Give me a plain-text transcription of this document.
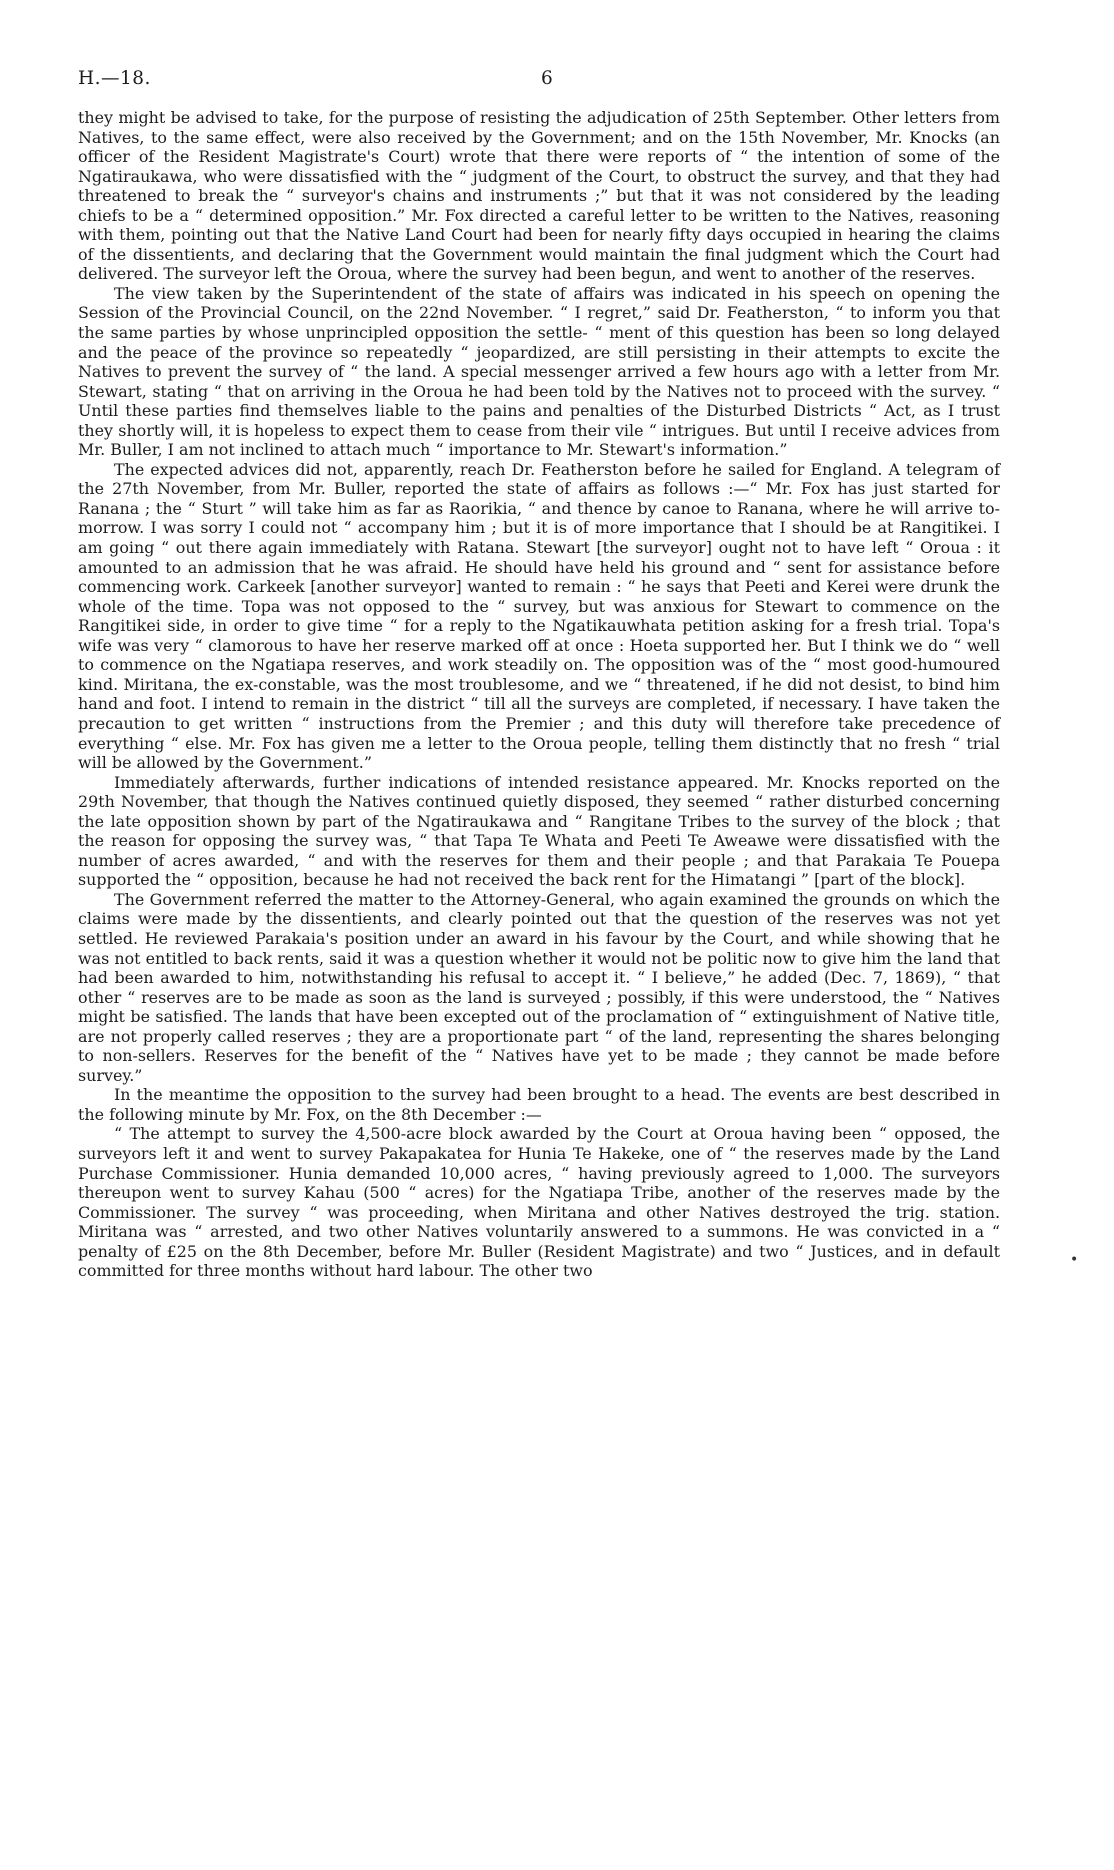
H.—18.	6

they might be advised to take, for the purpose of resisting the adjudication of 25th September. Other letters from Natives, to the same effect, were also received by the Government; and on the 15th November, Mr. Knocks (an officer of the Resident Magistrate's Court) wrote that there were reports of “ the intention of some of the Ngatiraukawa, who were dissatisfied with the “ judgment of the Court, to obstruct the survey, and that they had threatened to break the “ surveyor's chains and instruments ;” but that it was not considered by the leading chiefs to be a “ determined opposition.” Mr. Fox directed a careful letter to be written to the Natives, reasoning with them, pointing out that the Native Land Court had been for nearly fifty days occupied in hearing the claims of the dissentients, and declaring that the Government would maintain the final judgment which the Court had delivered. The surveyor left the Oroua, where the survey had been begun, and went to another of the reserves.

The view taken by the Superintendent of the state of affairs was indicated in his speech on opening the Session of the Provincial Council, on the 22nd November. “ I regret,” said Dr. Featherston, “ to inform you that the same parties by whose unprincipled opposition the settle- “ ment of this question has been so long delayed and the peace of the province so repeatedly “ jeopardized, are still persisting in their attempts to excite the Natives to prevent the survey of “ the land. A special messenger arrived a few hours ago with a letter from Mr. Stewart, stating “ that on arriving in the Oroua he had been told by the Natives not to proceed with the survey. “ Until these parties find themselves liable to the pains and penalties of the Disturbed Districts “ Act, as I trust they shortly will, it is hopeless to expect them to cease from their vile “ intrigues. But until I receive advices from Mr. Buller, I am not inclined to attach much “ importance to Mr. Stewart's information.”

The expected advices did not, apparently, reach Dr. Featherston before he sailed for England. A telegram of the 27th November, from Mr. Buller, reported the state of affairs as follows :—“ Mr. Fox has just started for Ranana ; the “ Sturt ” will take him as far as Raorikia, “ and thence by canoe to Ranana, where he will arrive to-morrow. I was sorry I could not “ accompany him ; but it is of more importance that I should be at Rangitikei. I am going “ out there again immediately with Ratana. Stewart [the surveyor] ought not to have left “ Oroua : it amounted to an admission that he was afraid. He should have held his ground and “ sent for assistance before commencing work. Carkeek [another surveyor] wanted to remain : “ he says that Peeti and Kerei were drunk the whole of the time. Topa was not opposed to the “ survey, but was anxious for Stewart to commence on the Rangitikei side, in order to give time “ for a reply to the Ngatikauwhata petition asking for a fresh trial. Topa's wife was very “ clamorous to have her reserve marked off at once : Hoeta supported her. But I think we do “ well to commence on the Ngatiapa reserves, and work steadily on. The opposition was of the “ most good-humoured kind. Miritana, the ex-constable, was the most troublesome, and we “ threatened, if he did not desist, to bind him hand and foot. I intend to remain in the district “ till all the surveys are completed, if necessary. I have taken the precaution to get written “ instructions from the Premier ; and this duty will therefore take precedence of everything “ else. Mr. Fox has given me a letter to the Oroua people, telling them distinctly that no fresh “ trial will be allowed by the Government.”

Immediately afterwards, further indications of intended resistance appeared. Mr. Knocks reported on the 29th November, that though the Natives continued quietly disposed, they seemed “ rather disturbed concerning the late opposition shown by part of the Ngatiraukawa and “ Rangitane Tribes to the survey of the block ; that the reason for opposing the survey was, “ that Tapa Te Whata and Peeti Te Aweawe were dissatisfied with the number of acres awarded, “ and with the reserves for them and their people ; and that Parakaia Te Pouepa supported the “ opposition, because he had not received the back rent for the Himatangi ” [part of the block].

The Government referred the matter to the Attorney-General, who again examined the grounds on which the claims were made by the dissentients, and clearly pointed out that the question of the reserves was not yet settled. He reviewed Parakaia's position under an award in his favour by the Court, and while showing that he was not entitled to back rents, said it was a question whether it would not be politic now to give him the land that had been awarded to him, notwithstanding his refusal to accept it. “ I believe,” he added (Dec. 7, 1869), “ that other “ reserves are to be made as soon as the land is surveyed ; possibly, if this were understood, the “ Natives might be satisfied. The lands that have been excepted out of the proclamation of “ extinguishment of Native title, are not properly called reserves ; they are a proportionate part “ of the land, representing the shares belonging to non-sellers. Reserves for the benefit of the “ Natives have yet to be made ; they cannot be made before survey.”

In the meantime the opposition to the survey had been brought to a head. The events are best described in the following minute by Mr. Fox, on the 8th December :—

“ The attempt to survey the 4,500-acre block awarded by the Court at Oroua having been “ opposed, the surveyors left it and went to survey Pakapakatea for Hunia Te Hakeke, one of “ the reserves made by the Land Purchase Commissioner. Hunia demanded 10,000 acres, “ having previously agreed to 1,000. The surveyors thereupon went to survey Kahau (500 “ acres) for the Ngatiapa Tribe, another of the reserves made by the Commissioner. The survey “ was proceeding, when Miritana and other Natives destroyed the trig. station. Miritana was “ arrested, and two other Natives voluntarily answered to a summons. He was convicted in a “ penalty of £25 on the 8th December, before Mr. Buller (Resident Magistrate) and two “ Justices, and in default committed for three months without hard labour. The other two

•
